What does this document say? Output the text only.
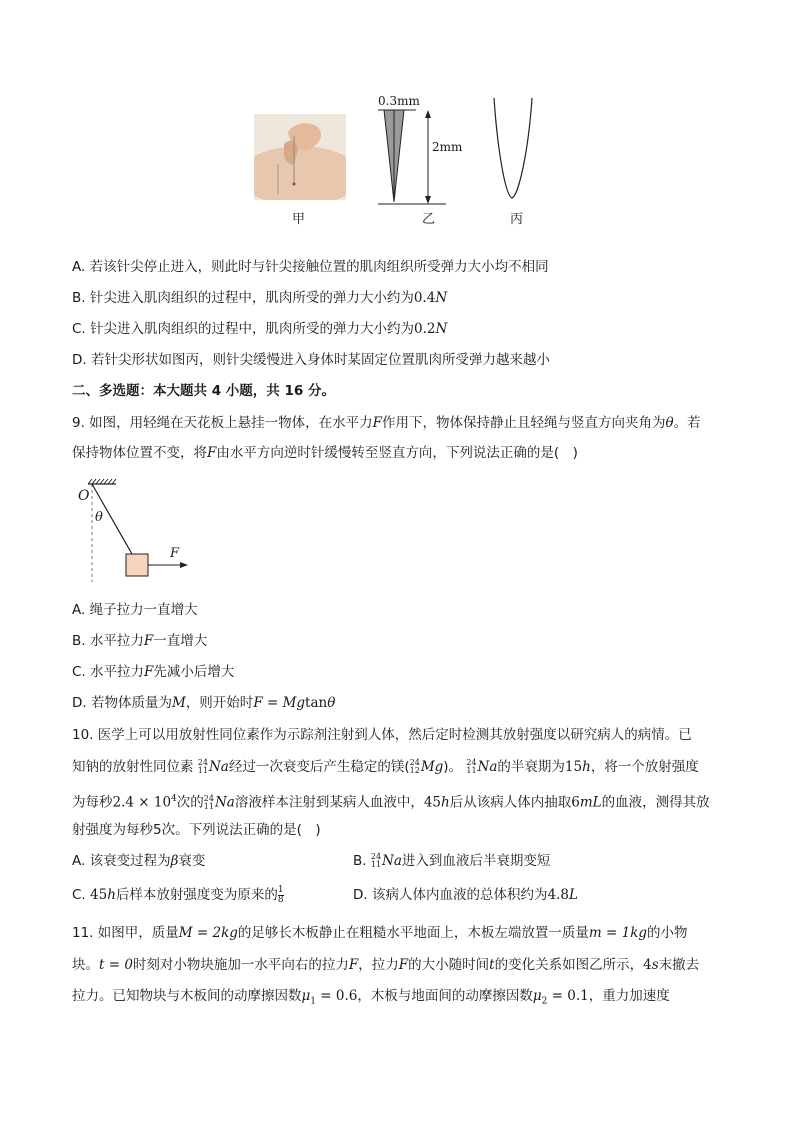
甲
0.3mm
2mm
乙	丙
A. 若该针尖停止进入，则此时与针尖接触位置的肌肉组织所受弹力大小均不相同
B. 针尖进入肌肉组织的过程中，肌肉所受的弹力大小约为0.4N
C. 针尖进入肌肉组织的过程中，肌肉所受的弹力大小约为0.2N
D. 若针尖形状如图丙，则针尖缓慢进入身体时某固定位置肌肉所受弹力越来越小
二、多选题：本大题共 4 小题，共 16 分。
9. 如图，用轻绳在天花板上悬挂一物体，在水平力F作用下，物体保持静止且轻绳与竖直方向夹角为θ。若
保持物体位置不变，将F由水平方向逆时针缓慢转至竖直方向，下列说法正确的是(　)
O
θ
F
A. 绳子拉力一直增大
B. 水平拉力F一直增大
C. 水平拉力F先减小后增大
D. 若物体质量为M，则开始时F = Mgtanθ
10. 医学上可以用放射性同位素作为示踪剂注射到人体，然后定时检测其放射强度以研究病人的病情。已
知钠的放射性同位素 24
11Na经过一次衰变后产生稳定的镁(24
12Mg)。 24
11Na的半衰期为15h，将一个放射强度
为每秒$2.4 \times 10^4$次的24
11Na溶液样本注射到某病人血液中，45h后从该病人体内抽取6mL的血液，测得其放
射强度为每秒5次。下列说法正确的是(　)
A. 该衰变过程为β衰变	B. 24
11Na进入到血液后半衰期变短
C. 45h后样本放射强度变为原来的$\frac{1}{8}$	D. 该病人体内血液的总体积约为4.8L
11. 如图甲，质量M = 2kg的足够长木板静止在粗糙水平地面上，木板左端放置一质量m = 1kg的小物
块。t = 0时刻对小物块施加一水平向右的拉力F，拉力F的大小随时间t的变化关系如图乙所示，4s末撤去
拉力。已知物块与木板间的动摩擦因数$\mu_1 = 0.6$，木板与地面间的动摩擦因数$\mu_2 = 0.1$，重力加速度
